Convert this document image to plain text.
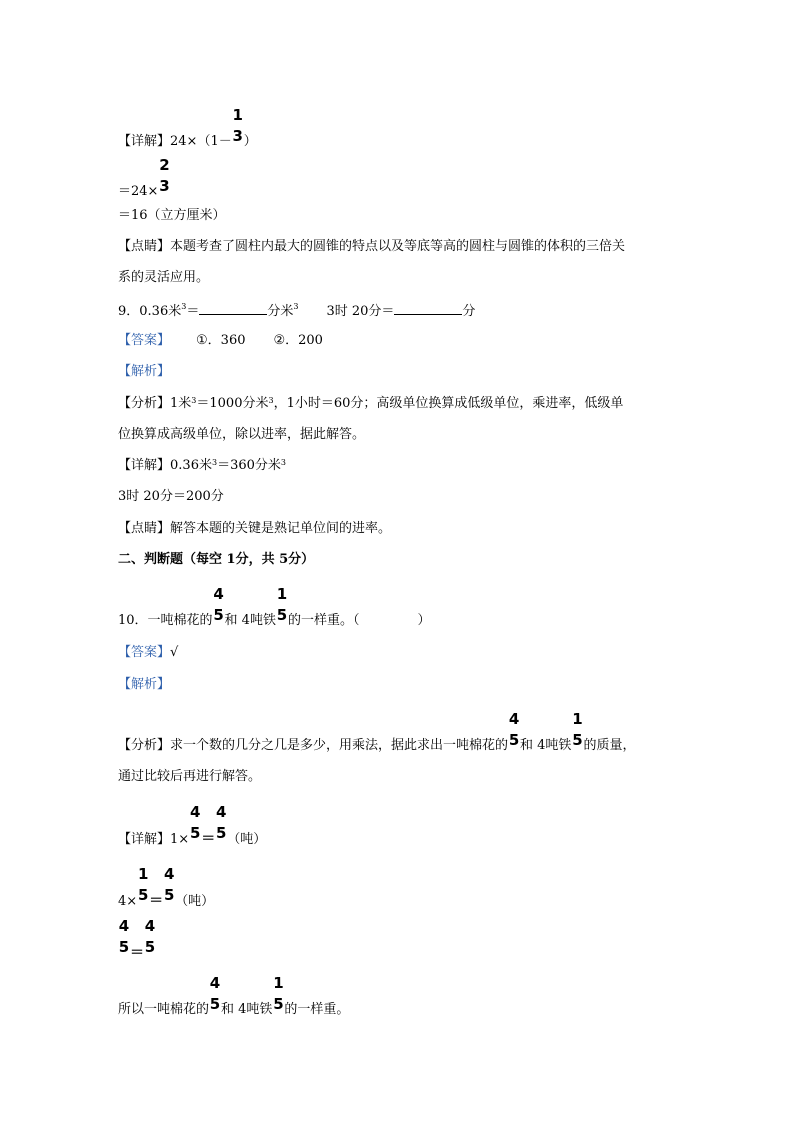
【详解】24×（1－
1
3 ）
＝24×
2
3
＝16（立方厘米）
【点睛】本题考查了圆柱内最大的圆锥的特点以及等底等高的圆柱与圆锥的体积的三倍关
系的灵活应用。
9．0.36米$^3$＝	分米$^3$ 3时 20分＝	分
【答案】 ①．360 ②．200
【解析】
【分析】1米$^3$＝1000分米$^3$，1小时＝60分；高级单位换算成低级单位，乘进率，低级单
位换算成高级单位，除以进率，据此解答。
【详解】0.36米$^3$＝360分米$^3$
3时 20分＝200分
【点睛】解答本题的关键是熟记单位间的进率。
二、判断题（每空 1分，共 5分）
10．一吨棉花的
4
5 和 4吨铁
1
5 的一样重。（	）
【答案】√
【解析】
【分析】求一个数的几分之几是多少，用乘法，据此求出一吨棉花的
4
5 和 4吨铁
1
5 的质量，
通过比较后再进行解答。
【详解】1×
4
5 ＝
4
5 （吨）
4×
1
5 ＝
4
5 （吨）
4
5 ＝
4
5
所以一吨棉花的
4
5 和 4吨铁
1
5 的一样重。
